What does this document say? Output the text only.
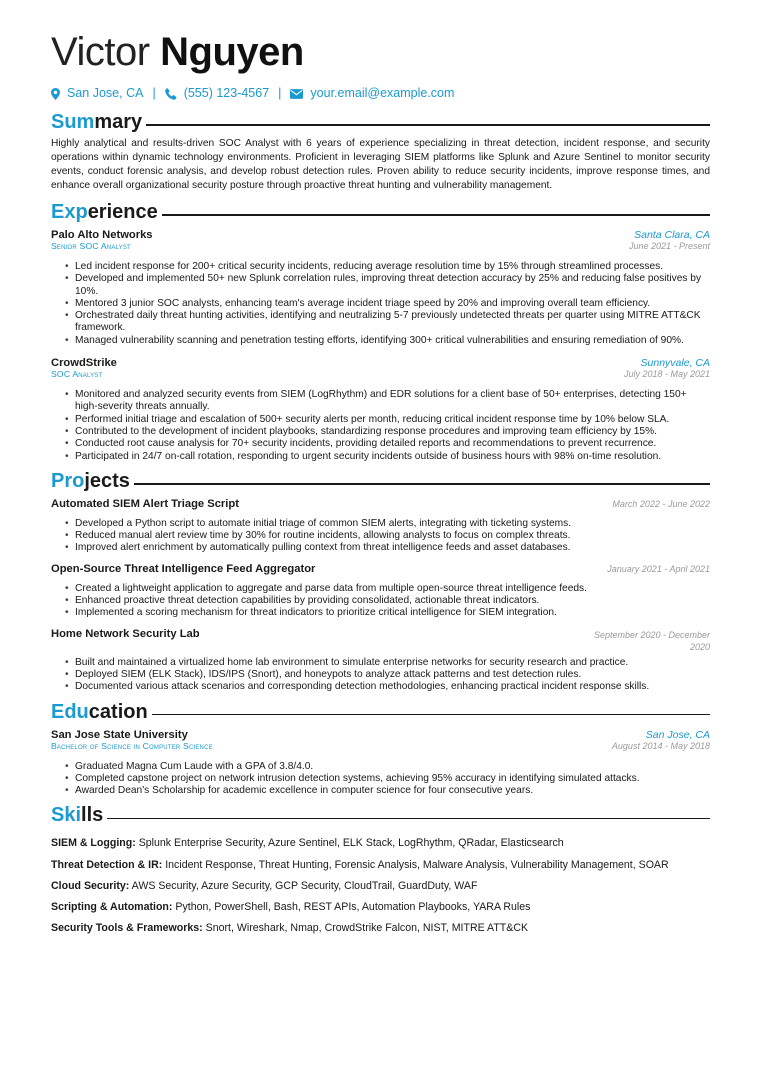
Victor Nguyen
San Jose, CA | (555) 123-4567 | your.email@example.com
Summary

Highly analytical and results-driven SOC Analyst with 6 years of experience specializing in threat detection, incident response, and security operations within dynamic technology environments. Proficient in leveraging SIEM platforms like Splunk and Azure Sentinel to monitor security events, conduct forensic analysis, and develop robust detection rules. Proven ability to reduce security incidents, improve response times, and enhance overall organizational security posture through proactive threat hunting and vulnerability management.

Experience
Palo Alto Networks	Santa Clara, CA
Senior SOC Analyst	June 2021 - Present
• Led incident response for 200+ critical security incidents, reducing average resolution time by 15% through streamlined processes.
• Developed and implemented 50+ new Splunk correlation rules, improving threat detection accuracy by 25% and reducing false positives by 10%.
• Mentored 3 junior SOC analysts, enhancing team's average incident triage speed by 20% and improving overall team efficiency.
• Orchestrated daily threat hunting activities, identifying and neutralizing 5-7 previously undetected threats per quarter using MITRE ATT&CK framework.
• Managed vulnerability scanning and penetration testing efforts, identifying 300+ critical vulnerabilities and ensuring remediation of 90%.
CrowdStrike	Sunnyvale, CA
SOC Analyst	July 2018 - May 2021
• Monitored and analyzed security events from SIEM (LogRhythm) and EDR solutions for a client base of 50+ enterprises, detecting 150+ high-severity threats annually.
• Performed initial triage and escalation of 500+ security alerts per month, reducing critical incident response time by 10% below SLA.
• Contributed to the development of incident playbooks, standardizing response procedures and improving team efficiency by 15%.
• Conducted root cause analysis for 70+ security incidents, providing detailed reports and recommendations to prevent recurrence.
• Participated in 24/7 on-call rotation, responding to urgent security incidents outside of business hours with 98% on-time resolution.
Projects
Automated SIEM Alert Triage Script	March 2022 - June 2022
• Developed a Python script to automate initial triage of common SIEM alerts, integrating with ticketing systems.
• Reduced manual alert review time by 30% for routine incidents, allowing analysts to focus on complex threats.
• Improved alert enrichment by automatically pulling context from threat intelligence feeds and asset databases.
Open-Source Threat Intelligence Feed Aggregator	January 2021 - April 2021
• Created a lightweight application to aggregate and parse data from multiple open-source threat intelligence feeds.
• Enhanced proactive threat detection capabilities by providing consolidated, actionable threat indicators.
• Implemented a scoring mechanism for threat indicators to prioritize critical intelligence for SIEM integration.
Home Network Security Lab	September 2020 - December 2020
• Built and maintained a virtualized home lab environment to simulate enterprise networks for security research and practice.
• Deployed SIEM (ELK Stack), IDS/IPS (Snort), and honeypots to analyze attack patterns and test detection rules.
• Documented various attack scenarios and corresponding detection methodologies, enhancing practical incident response skills.
Education
San Jose State University	San Jose, CA
Bachelor of Science in Computer Science	August 2014 - May 2018
• Graduated Magna Cum Laude with a GPA of 3.8/4.0.
• Completed capstone project on network intrusion detection systems, achieving 95% accuracy in identifying simulated attacks.
• Awarded Dean's Scholarship for academic excellence in computer science for four consecutive years.
Skills
SIEM & Logging: Splunk Enterprise Security, Azure Sentinel, ELK Stack, LogRhythm, QRadar, Elasticsearch
Threat Detection & IR: Incident Response, Threat Hunting, Forensic Analysis, Malware Analysis, Vulnerability Management, SOAR
Cloud Security: AWS Security, Azure Security, GCP Security, CloudTrail, GuardDuty, WAF
Scripting & Automation: Python, PowerShell, Bash, REST APIs, Automation Playbooks, YARA Rules
Security Tools & Frameworks: Snort, Wireshark, Nmap, CrowdStrike Falcon, NIST, MITRE ATT&CK
